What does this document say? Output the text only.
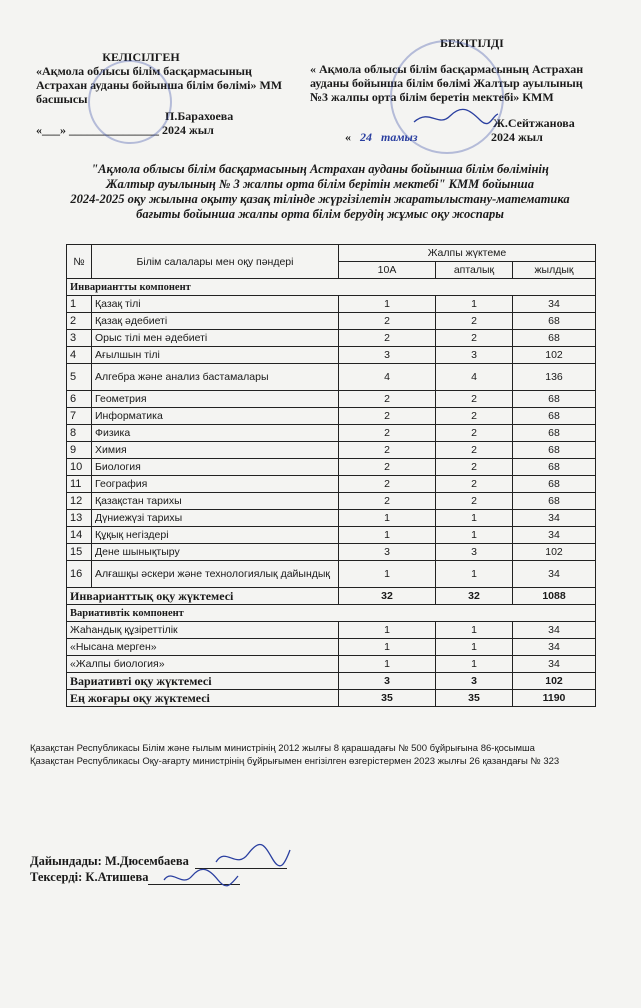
КЕЛІСІЛГЕН
«Ақмола облысы білім басқармасының
Астрахан ауданы бойынша білім бөлімі» ММ
басшысы
П.Барахоева
«___» _______________ 2024 жыл
БЕКІТІЛДІ
« Ақмола облысы білім басқармасының Астрахан
ауданы бойынша білім бөлімі Жалтыр ауылының
№3 жалпы орта білім беретін мектебі» КММ
Ж.Сейтжанова
« 24 тамыз	2024 жыл
"Ақмола облысы білім басқармасының Астрахан ауданы бойынша білім бөлімінің
Жалтыр ауылының № 3 жалпы орта білім берітін мектебі" КММ бойынша
2024-2025 оқу жылына оқыту қазақ тілінде жүргізілетін жаратылыстану-математика
бағыты бойынша жалпы орта білім берудің жұмыс оқу жоспары
№	Білім салалары мен оқу пәндері	Жалпы жүктеме		
		10А	апталық	жылдық
Инвариантты компонент				
1	Қазақ тілі	1	1	34
2	Қазақ әдебиеті	2	2	68
3	Орыс тілі мен әдебиеті	2	2	68
4	Ағылшын тілі	3	3	102
5	Алгебра және анализ бастамалары	4	4	136
6	Геометрия	2	2	68
7	Информатика	2	2	68
8	Физика	2	2	68
9	Химия	2	2	68
10	Биология	2	2	68
11	География	2	2	68
12	Қазақстан тарихы	2	2	68
13	Дүниежүзі тарихы	1	1	34
14	Құқық негіздері	1	1	34
15	Дене шынықтыру	3	3	102
16	Алғашқы әскери және технологиялық дайындық	1	1	34
Инварианттық оқу жүктемесі		32	32	1088
Вариативтік компонент				
Жаһандық құзіреттілік		1	1	34
«Нысана мерген»		1	1	34
«Жалпы биология»		1	1	34
Вариативті оқу жүктемесі		3	3	102
Ең жоғары оқу жүктемесі		35	35	1190
Қазақстан Республикасы Білім және ғылым министрінің 2012 жылғы 8 қарашадағы № 500 бұйрығына 86-қосымша
Қазақстан Республикасы Оқу-ағарту министрінің бұйрығымен енгізілген өзгерістермен 2023 жылғы 26 қазандағы № 323
Дайындады: М.Дюсембаева
Тексерді: К.Атишева
